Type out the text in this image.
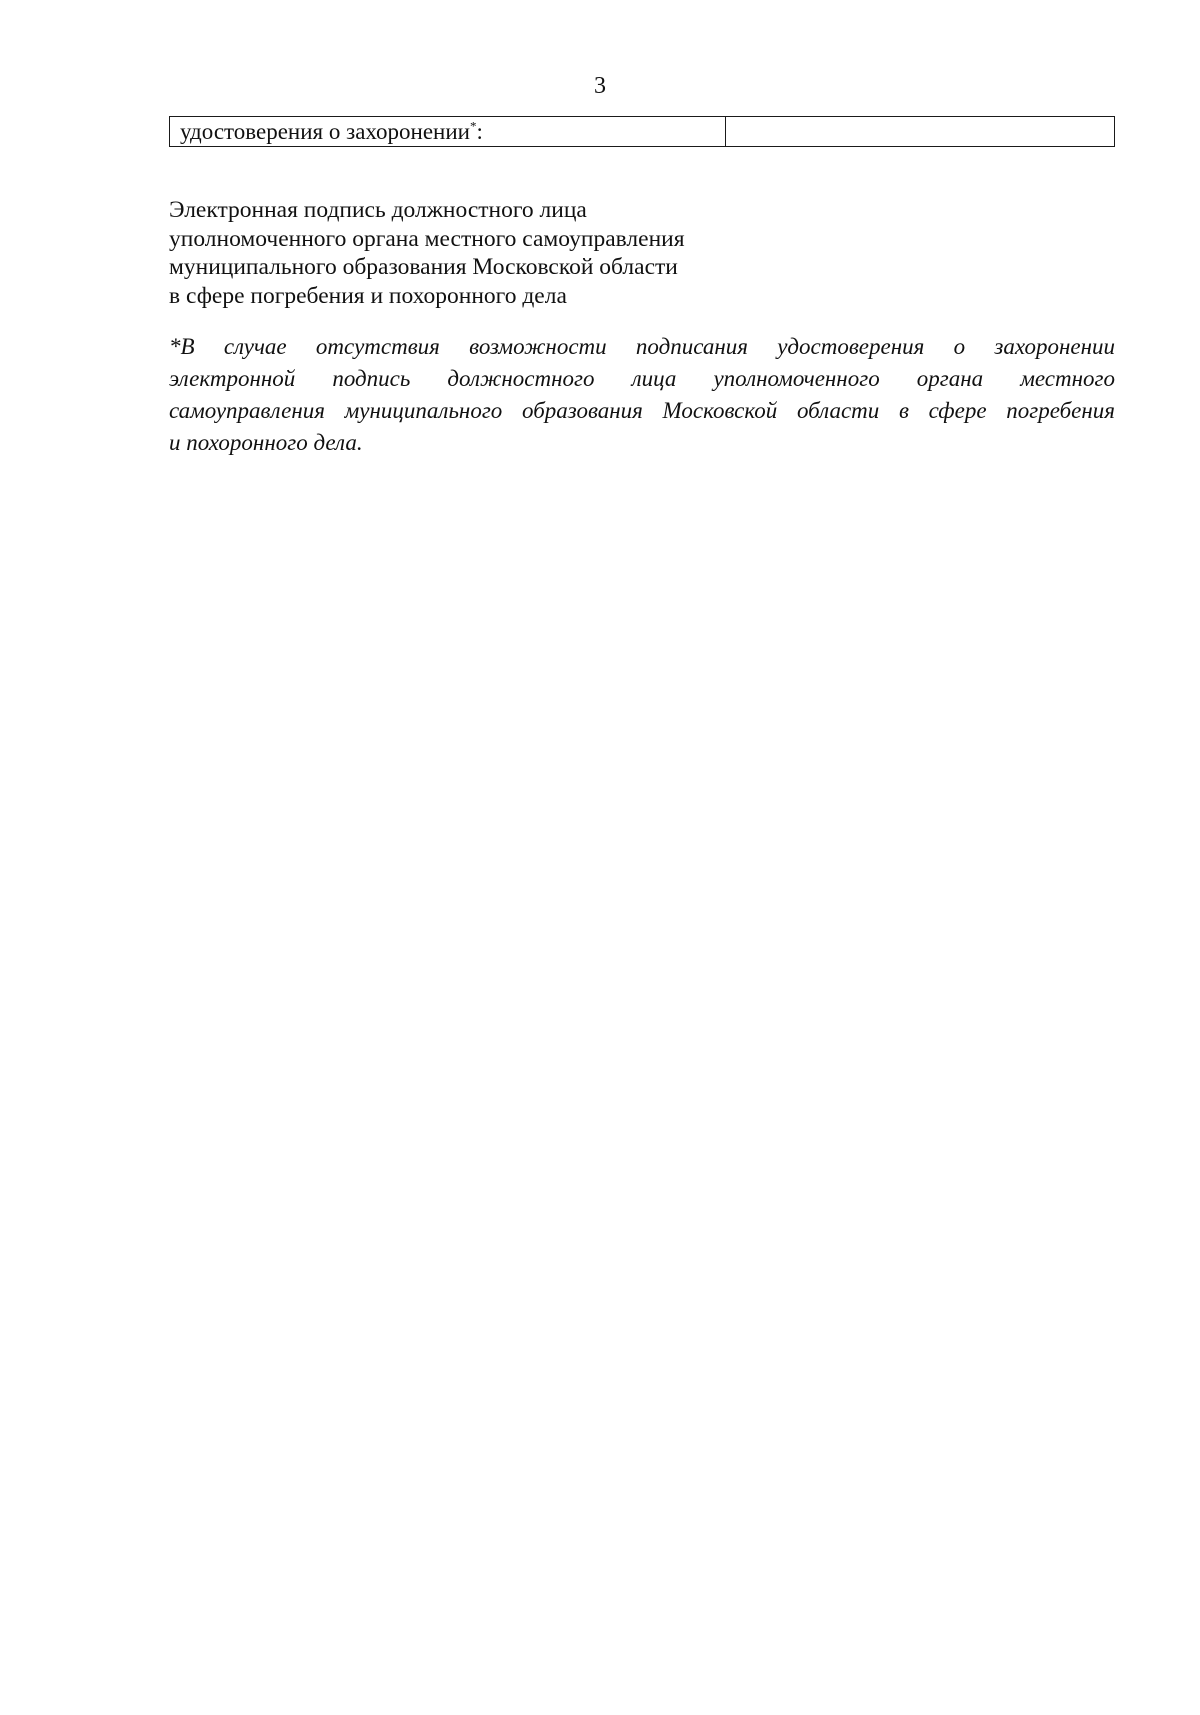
3
удостоверения о захоронении*:	
Электронная подпись должностного лица
уполномоченного органа местного самоуправления
муниципального образования Московской области
в сфере погребения и похоронного дела
*В случае отсутствия возможности подписания удостоверения о захоронении
электронной подпись должностного лица уполномоченного органа местного
самоуправления муниципального образования Московской области в сфере погребения
и похоронного дела.
